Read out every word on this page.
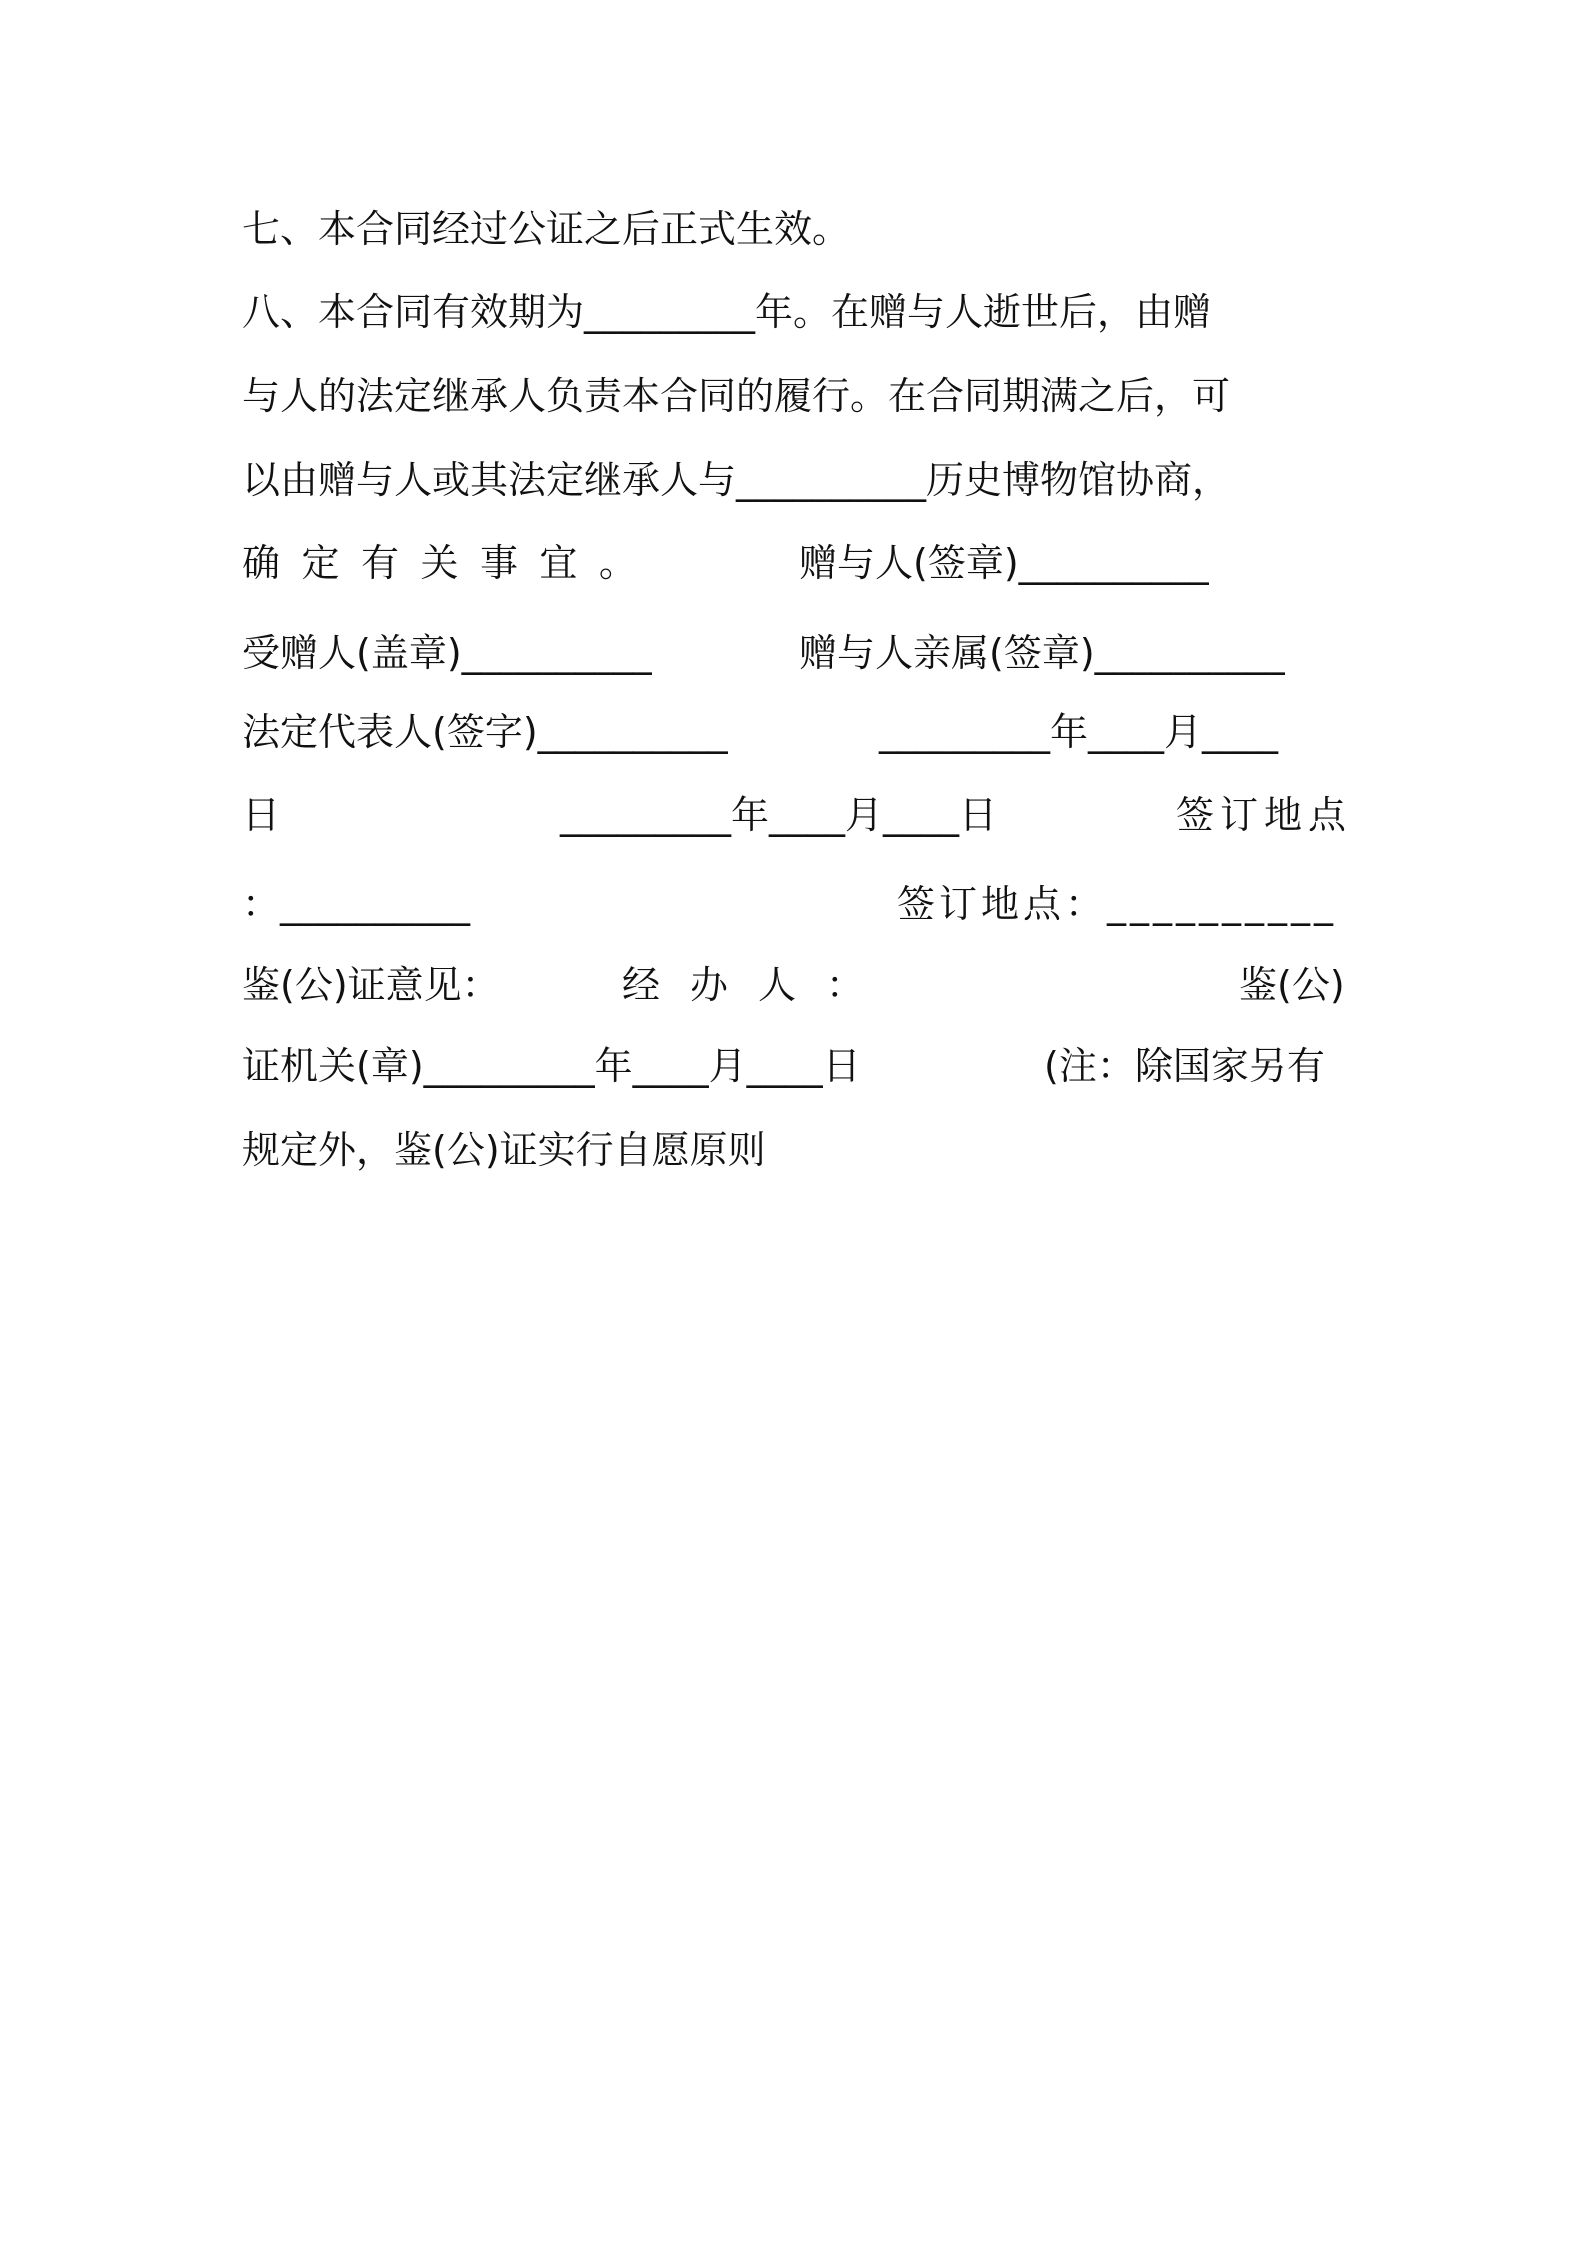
七、本合同经过公证之后正式生效。

八、本合同有效期为_________年。在赠与人逝世后，由赠

与人的法定继承人负责本合同的履行。在合同期满之后，可

以由赠与人或其法定继承人与__________历史博物馆协商，

确 定 有 关 事 宜 。

	赠与人(签章)__________

受赠人(盖章)__________

	赠与人亲属(签章)__________

法定代表人(签字)__________

	_________年____月____

日

	_________年____月____日

	签订地点

：__________

	签订地点：__________

鉴(公)证意见：

	经 办 人 ：

	鉴(公)

证机关(章)_________年____月____日

	(注：除国家另有

规定外，鉴(公)证实行自愿原则
